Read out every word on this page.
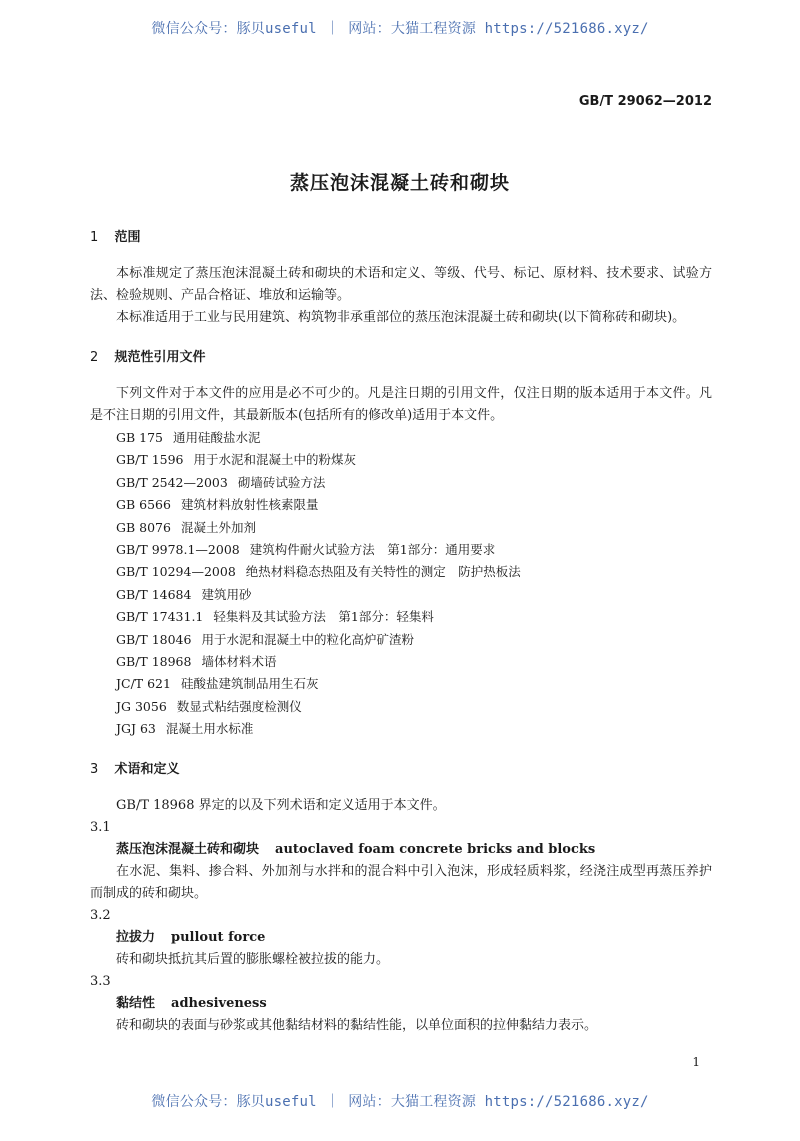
微信公众号：豚贝useful ｜ 网站：大猫工程资源 https://521686.xyz/
GB/T 29062—2012
蒸压泡沫混凝土砖和砌块
1 范围
本标准规定了蒸压泡沫混凝土砖和砌块的术语和定义、等级、代号、标记、原材料、技术要求、试验方法、检验规则、产品合格证、堆放和运输等。
本标准适用于工业与民用建筑、构筑物非承重部位的蒸压泡沫混凝土砖和砌块(以下简称砖和砌块)。
2 规范性引用文件
下列文件对于本文件的应用是必不可少的。凡是注日期的引用文件，仅注日期的版本适用于本文件。凡是不注日期的引用文件，其最新版本(包括所有的修改单)适用于本文件。
GB 175 通用硅酸盐水泥
GB/T 1596 用于水泥和混凝土中的粉煤灰
GB/T 2542—2003 砌墙砖试验方法
GB 6566 建筑材料放射性核素限量
GB 8076 混凝土外加剂
GB/T 9978.1—2008 建筑构件耐火试验方法　第1部分：通用要求
GB/T 10294—2008 绝热材料稳态热阻及有关特性的测定　防护热板法
GB/T 14684 建筑用砂
GB/T 17431.1 轻集料及其试验方法　第1部分：轻集料
GB/T 18046 用于水泥和混凝土中的粒化高炉矿渣粉
GB/T 18968 墙体材料术语
JC/T 621 硅酸盐建筑制品用生石灰
JG 3056 数显式粘结强度检测仪
JGJ 63 混凝土用水标准
3 术语和定义
GB/T 18968 界定的以及下列术语和定义适用于本文件。
3.1
蒸压泡沫混凝土砖和砌块 autoclaved foam concrete bricks and blocks
在水泥、集料、掺合料、外加剂与水拌和的混合料中引入泡沫，形成轻质料浆，经浇注成型再蒸压养护而制成的砖和砌块。
3.2
拉拔力 pullout force
砖和砌块抵抗其后置的膨胀螺栓被拉拔的能力。
3.3
黏结性 adhesiveness
砖和砌块的表面与砂浆或其他黏结材料的黏结性能，以单位面积的拉伸黏结力表示。
1
微信公众号：豚贝useful ｜ 网站：大猫工程资源 https://521686.xyz/
